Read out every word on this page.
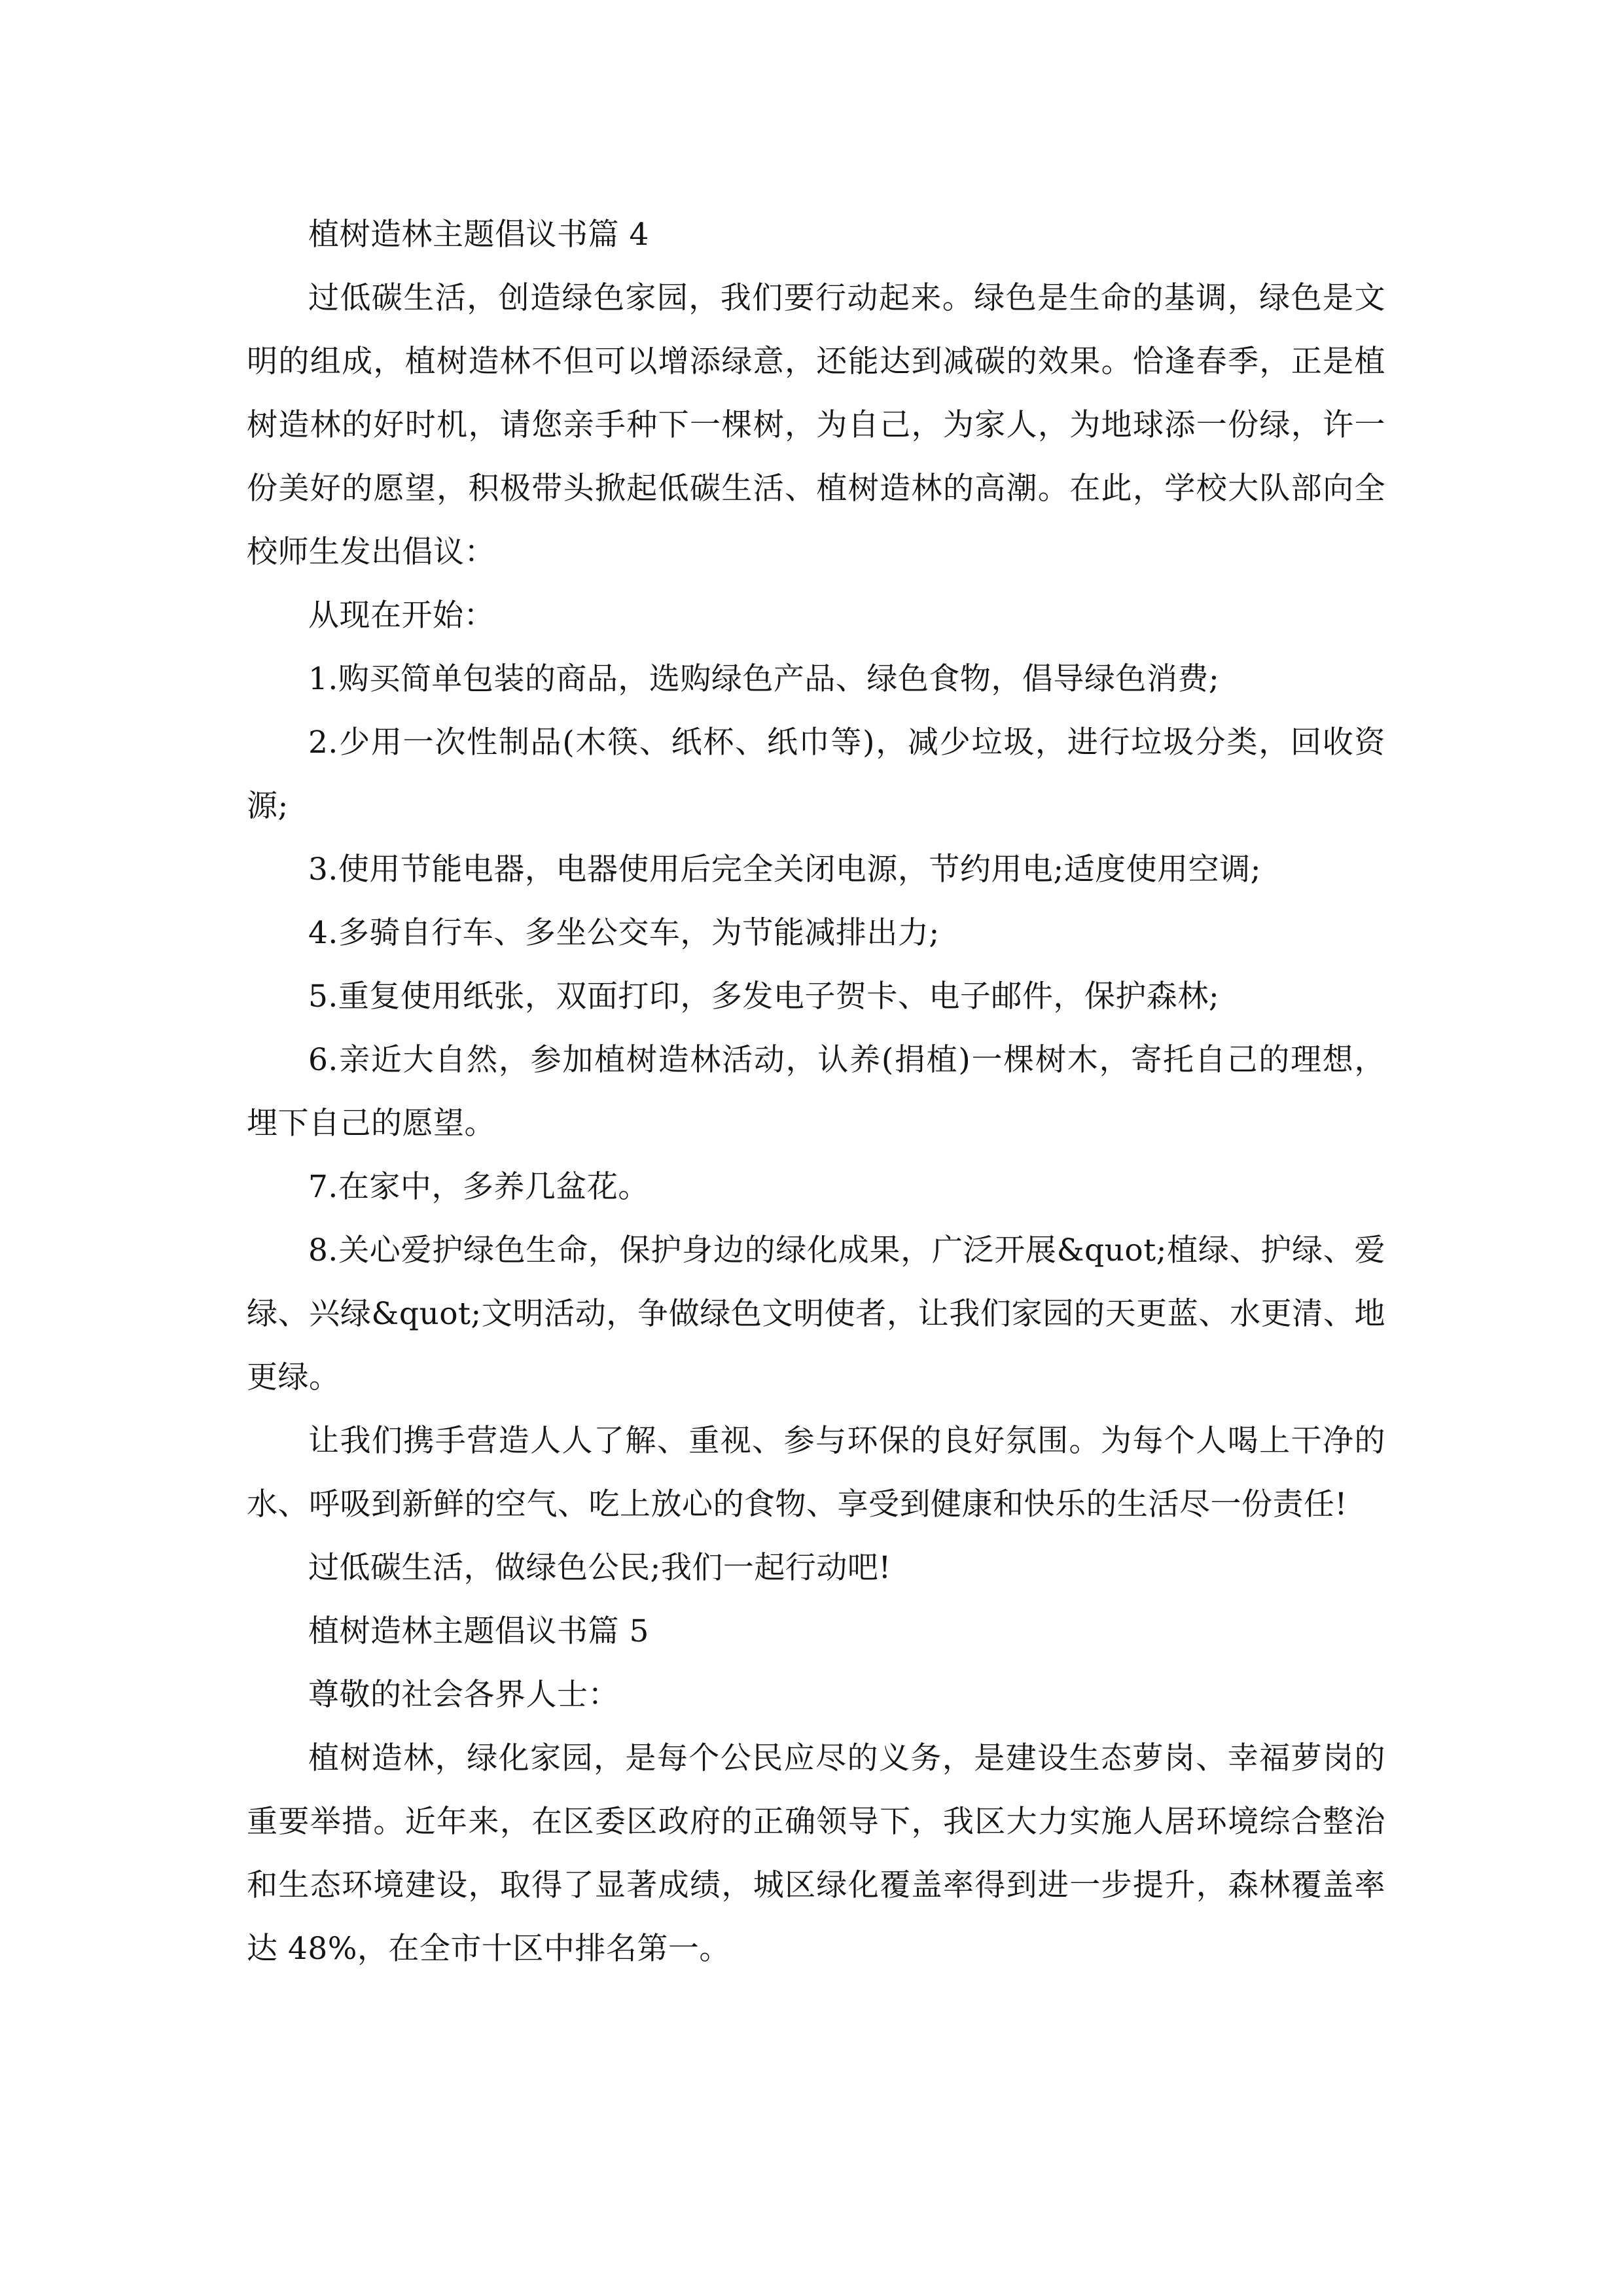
植树造林主题倡议书篇 4

过低碳生活，创造绿色家园，我们要行动起来。绿色是生命的基调，绿色是文明的组成，植树造林不但可以增添绿意，还能达到减碳的效果。恰逢春季，正是植树造林的好时机，请您亲手种下一棵树，为自己，为家人，为地球添一份绿，许一份美好的愿望，积极带头掀起低碳生活、植树造林的高潮。在此，学校大队部向全校师生发出倡议：

从现在开始：

1.购买简单包装的商品，选购绿色产品、绿色食物，倡导绿色消费;

2.少用一次性制品(木筷、纸杯、纸巾等)，减少垃圾，进行垃圾分类，回收资源;

3.使用节能电器，电器使用后完全关闭电源，节约用电;适度使用空调;

4.多骑自行车、多坐公交车，为节能减排出力;

5.重复使用纸张，双面打印，多发电子贺卡、电子邮件，保护森林;

6.亲近大自然，参加植树造林活动，认养(捐植)一棵树木，寄托自己的理想，埋下自己的愿望。

7.在家中，多养几盆花。

8.关心爱护绿色生命，保护身边的绿化成果，广泛开展&quot;植绿、护绿、爱绿、兴绿&quot;文明活动，争做绿色文明使者，让我们家园的天更蓝、水更清、地更绿。

让我们携手营造人人了解、重视、参与环保的良好氛围。为每个人喝上干净的水、呼吸到新鲜的空气、吃上放心的食物、享受到健康和快乐的生活尽一份责任!

过低碳生活，做绿色公民;我们一起行动吧!

植树造林主题倡议书篇 5

尊敬的社会各界人士：

植树造林，绿化家园，是每个公民应尽的义务，是建设生态萝岗、幸福萝岗的重要举措。近年来，在区委区政府的正确领导下，我区大力实施人居环境综合整治和生态环境建设，取得了显著成绩，城区绿化覆盖率得到进一步提升，森林覆盖率达 48%，在全市十区中排名第一。
